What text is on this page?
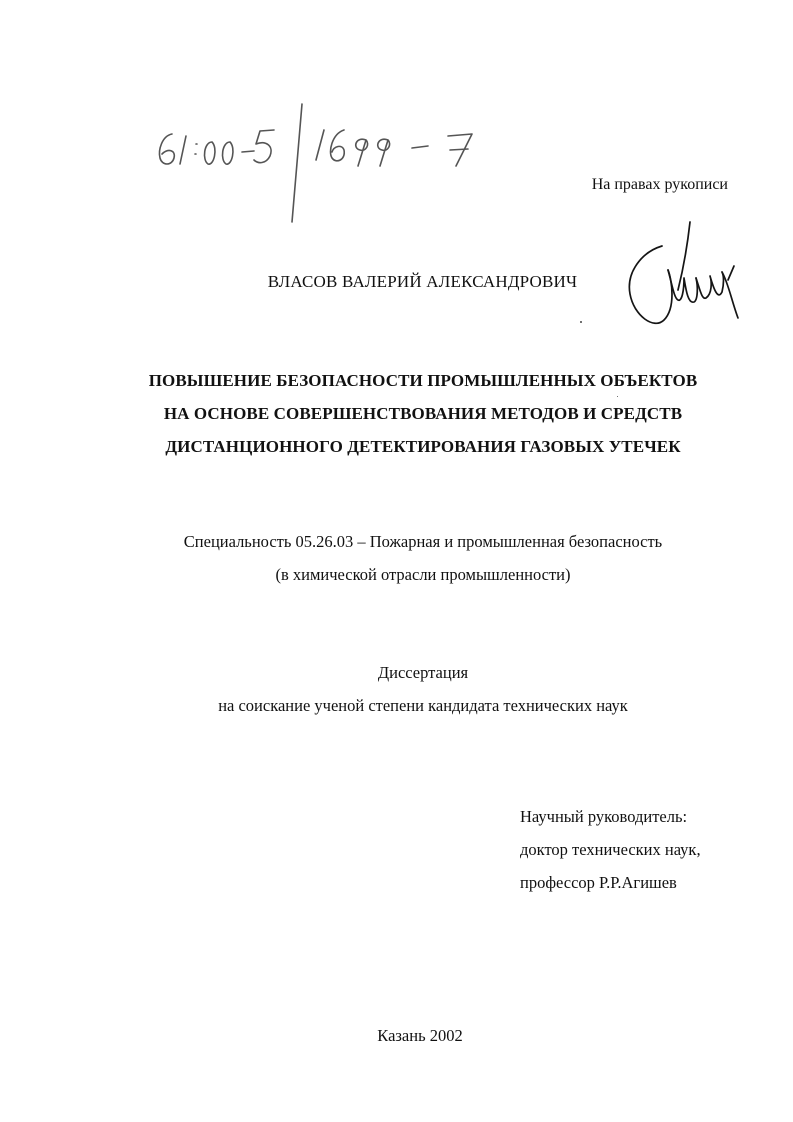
На правах рукописи
ВЛАСОВ ВАЛЕРИЙ АЛЕКСАНДРОВИЧ
ПОВЫШЕНИЕ БЕЗОПАСНОСТИ ПРОМЫШЛЕННЫХ ОБЪЕКТОВ
НА ОСНОВЕ СОВЕРШЕНСТВОВАНИЯ МЕТОДОВ И СРЕДСТВ
ДИСТАНЦИОННОГО ДЕТЕКТИРОВАНИЯ ГАЗОВЫХ УТЕЧЕК
Специальность 05.26.03 – Пожарная и промышленная безопасность
(в химической отрасли промышленности)
Диссертация
на соискание ученой степени кандидата технических наук
Научный руководитель:
доктор технических наук,
профессор Р.Р.Агишев
Казань 2002
